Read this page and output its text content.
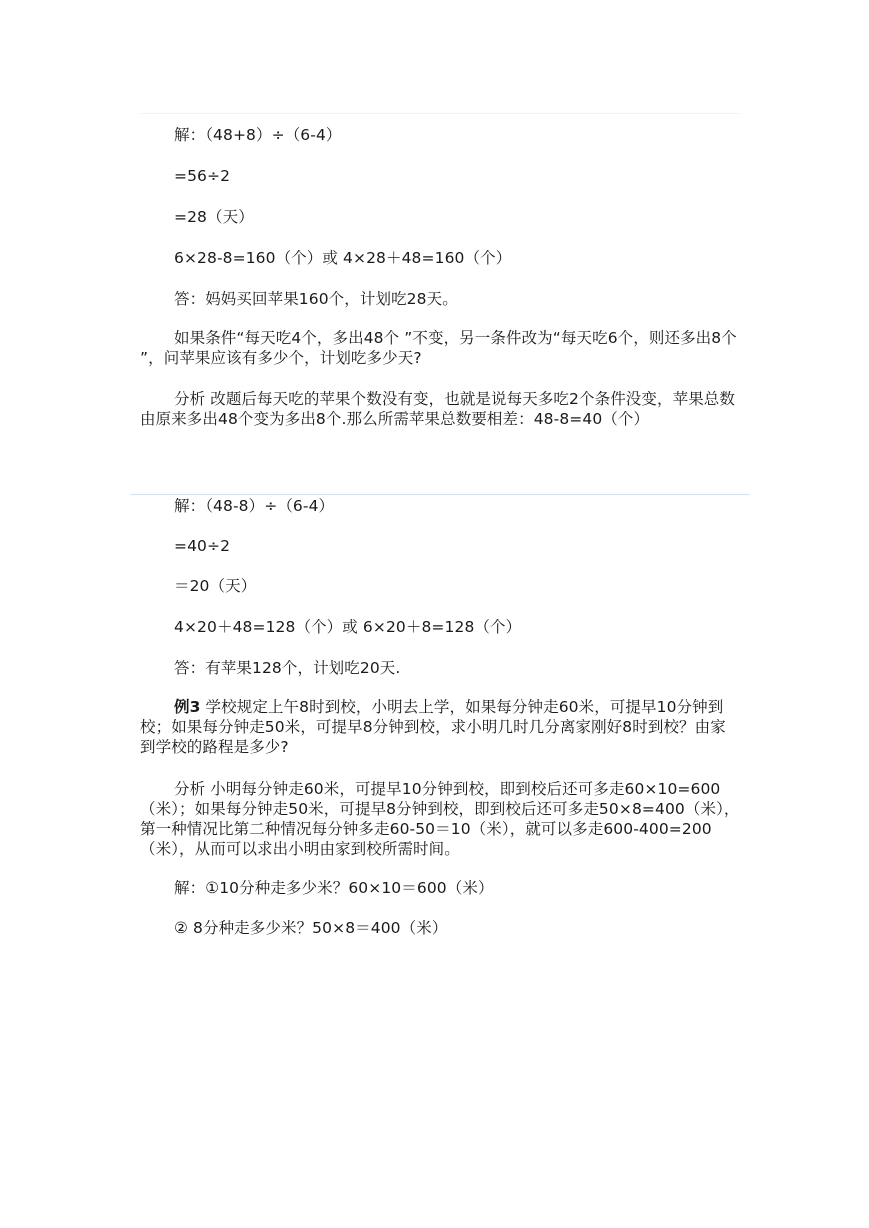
解：（48+8）÷（6-4）
=56÷2
=28（天）
6×28-8=160（个）或 4×28＋48=160（个）
答：妈妈买回苹果160个，计划吃28天。
如果条件“每天吃4个，多出48个 ”不变，另一条件改为“每天吃6个，则还多出8个 ”，问苹果应该有多少个，计划吃多少天?
分析 改题后每天吃的苹果个数没有变，也就是说每天多吃2个条件没变，苹果总数由原来多出48个变为多出8个.那么所需苹果总数要相差：48-8=40（个）
解：（48-8）÷（6-4）
=40÷2
＝20（天）
4×20＋48=128（个）或 6×20＋8=128（个）
答：有苹果128个，计划吃20天.
例3 学校规定上午8时到校，小明去上学，如果每分钟走60米，可提早10分钟到校；如果每分钟走50米，可提早8分钟到校，求小明几时几分离家刚好8时到校？由家到学校的路程是多少?
分析 小明每分钟走60米，可提早10分钟到校，即到校后还可多走60×10=600（米）；如果每分钟走50米，可提早8分钟到校，即到校后还可多走50×8=400（米），第一种情况比第二种情况每分钟多走60-50＝10（米），就可以多走600-400=200（米），从而可以求出小明由家到校所需时间。
解：①10分种走多少米？60×10＝600（米）
② 8分种走多少米？50×8＝400（米）
